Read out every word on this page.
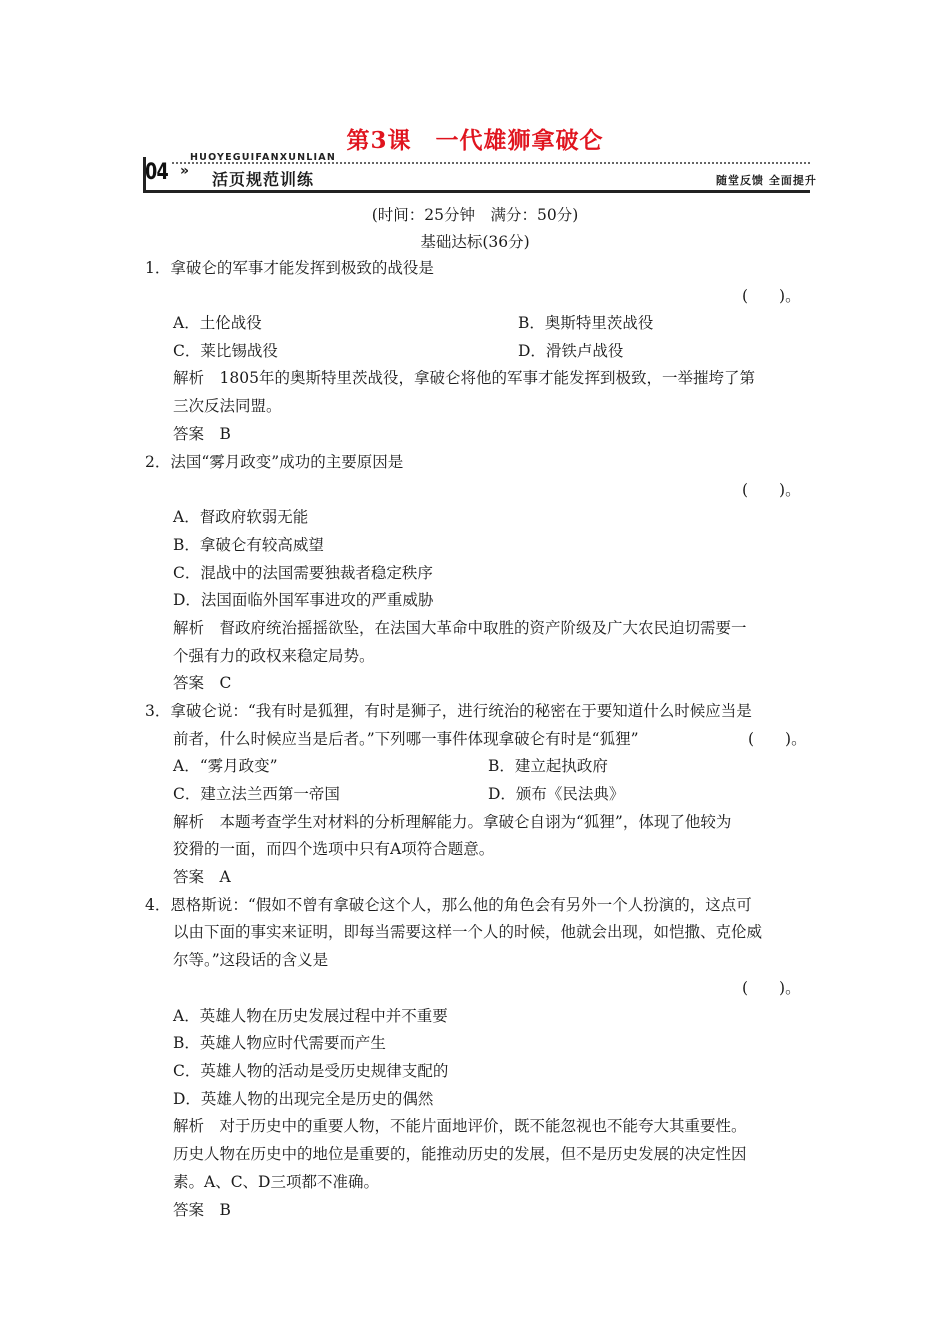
第3课　一代雄狮拿破仑
04 »
HUOYEGUIFANXUNLIAN
活页规范训练	随堂反馈 全面提升
(时间：25分钟　满分：50分)
基础达标(36分)
1．拿破仑的军事才能发挥到极致的战役是
(　　)。
A．土伦战役	B．奥斯特里茨战役
C．莱比锡战役	D．滑铁卢战役
解析　1805年的奥斯特里茨战役，拿破仑将他的军事才能发挥到极致，一举摧垮了第
三次反法同盟。
答案　B
2．法国“雾月政变”成功的主要原因是
(　　)。
A．督政府软弱无能
B．拿破仑有较高威望
C．混战中的法国需要独裁者稳定秩序
D．法国面临外国军事进攻的严重威胁
解析　督政府统治摇摇欲坠，在法国大革命中取胜的资产阶级及广大农民迫切需要一
个强有力的政权来稳定局势。
答案　C
3．拿破仑说：“我有时是狐狸，有时是狮子，进行统治的秘密在于要知道什么时候应当是
前者，什么时候应当是后者。”下列哪一事件体现拿破仑有时是“狐狸”	(　　)。
A．“雾月政变”	B．建立起执政府
C．建立法兰西第一帝国	D．颁布《民法典》
解析　本题考查学生对材料的分析理解能力。拿破仑自诩为“狐狸”，体现了他较为
狡猾的一面，而四个选项中只有A项符合题意。
答案　A
4．恩格斯说：“假如不曾有拿破仑这个人，那么他的角色会有另外一个人扮演的，这点可
以由下面的事实来证明，即每当需要这样一个人的时候，他就会出现，如恺撒、克伦威
尔等。”这段话的含义是
(　　)。
A．英雄人物在历史发展过程中并不重要
B．英雄人物应时代需要而产生
C．英雄人物的活动是受历史规律支配的
D．英雄人物的出现完全是历史的偶然
解析　对于历史中的重要人物，不能片面地评价，既不能忽视也不能夸大其重要性。
历史人物在历史中的地位是重要的，能推动历史的发展，但不是历史发展的决定性因
素。A、C、D三项都不准确。
答案　B
